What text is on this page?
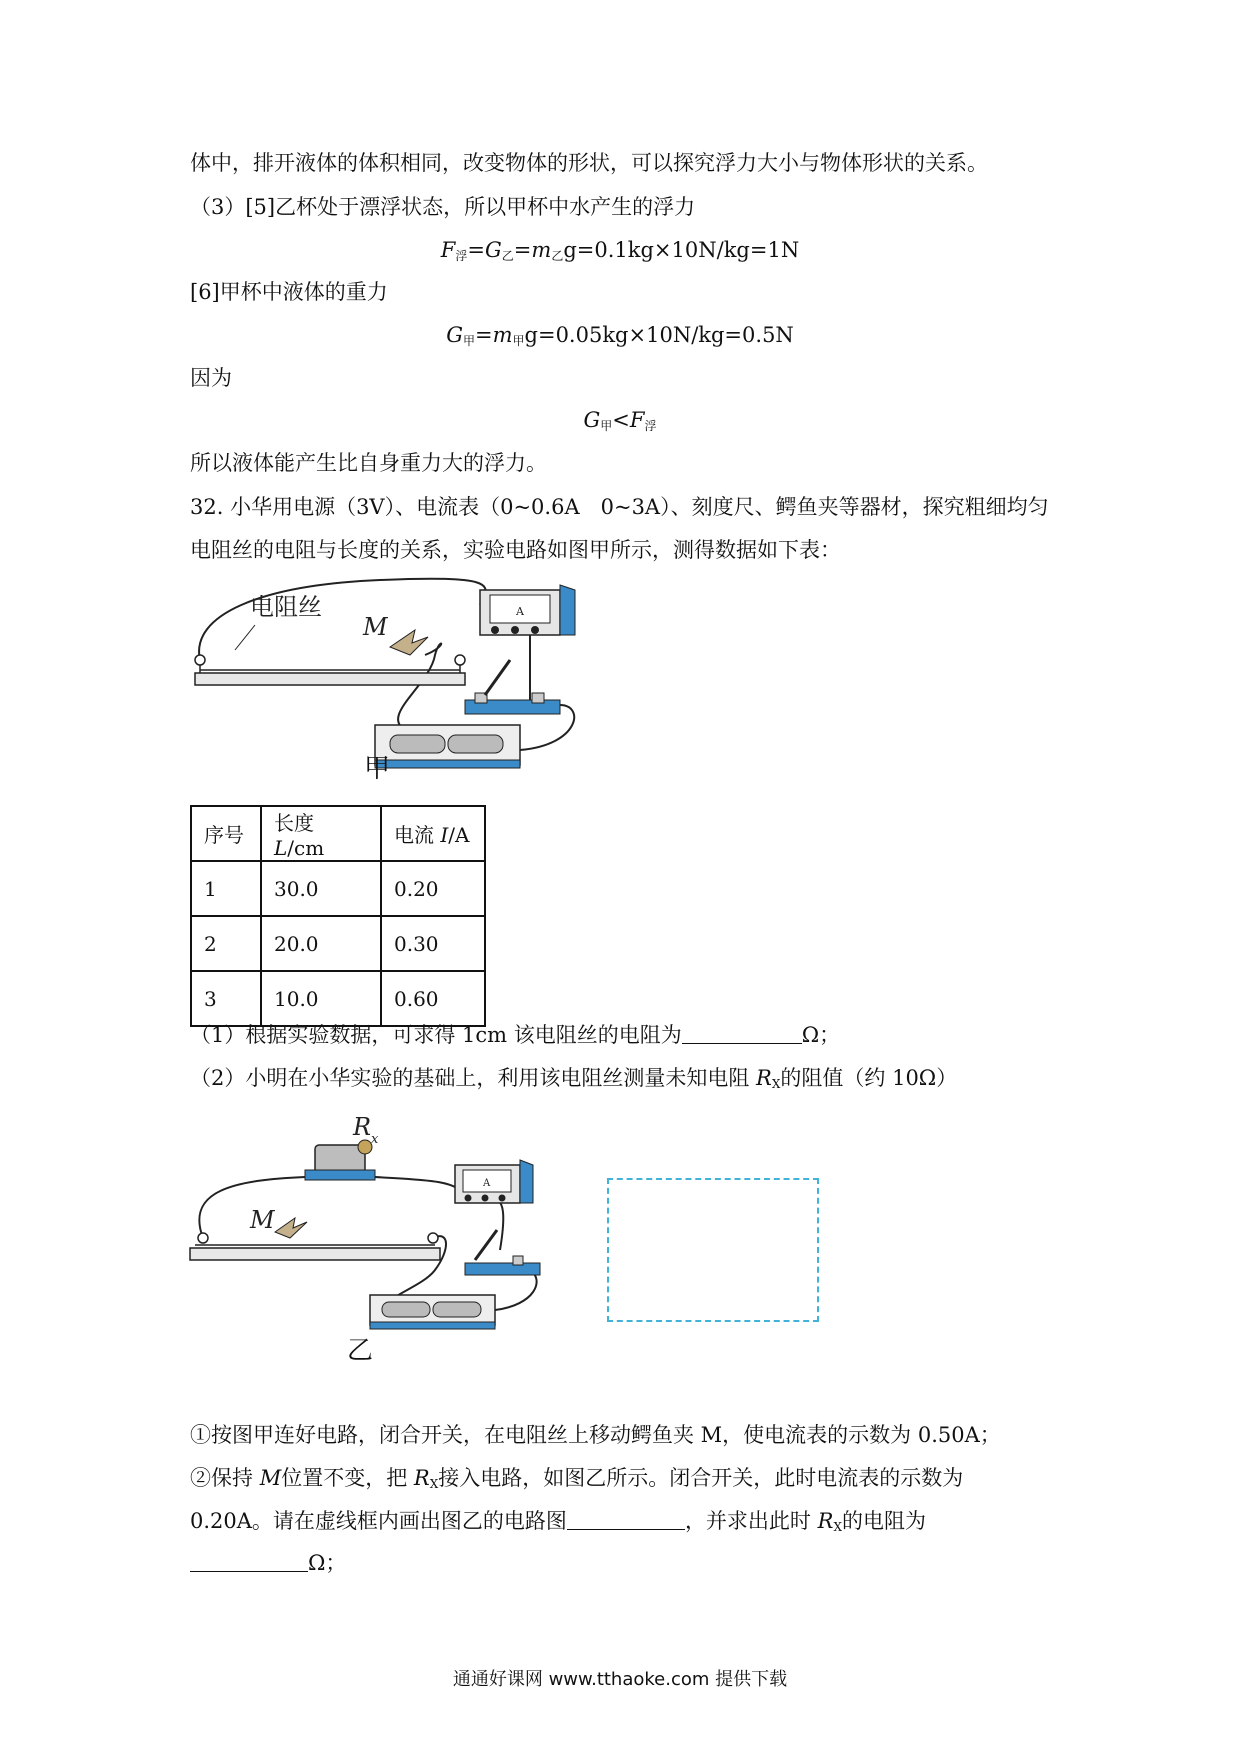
体中，排开液体的体积相同，改变物体的形状，可以探究浮力大小与物体形状的关系。
（3）[5]乙杯处于漂浮状态，所以甲杯中水产生的浮力
$F_浮=G_乙=m_乙g=0.1kg\times 10N/kg=1N$
[6]甲杯中液体的重力
$G_甲=m_甲g=0.05kg\times 10N/kg=0.5N$
因为
$G_甲<F_浮$
所以液体能产生比自身重力大的浮力。
32. 小华用电源（3V）、电流表（0~0.6A　0~3A）、刻度尺、鳄鱼夹等器材，探究粗细均匀
电阻丝的电阻与长度的关系，实验电路如图甲所示，测得数据如下表：
电阻丝
M
A
甲
序号	长度 L/cm	电流 I/A
1	30.0	0.20
2	20.0	0.30
3	10.0	0.60
（1）根据实验数据，可求得 1cm 该电阻丝的电阻为	Ω；
（2）小明在小华实验的基础上，利用该电阻丝测量未知电阻 $R_X$的阻值（约 10Ω）
R x
M
A
乙
①按图甲连好电路，闭合开关，在电阻丝上移动鳄鱼夹 M，使电流表的示数为 0.50A；
②保持 M位置不变，把 $R_X$接入电路，如图乙所示。闭合开关，此时电流表的示数为
0.20A。请在虚线框内画出图乙的电路图	，并求出此时 $R_X$的电阻为
Ω；
通通好课网 www.tthaoke.com 提供下载
